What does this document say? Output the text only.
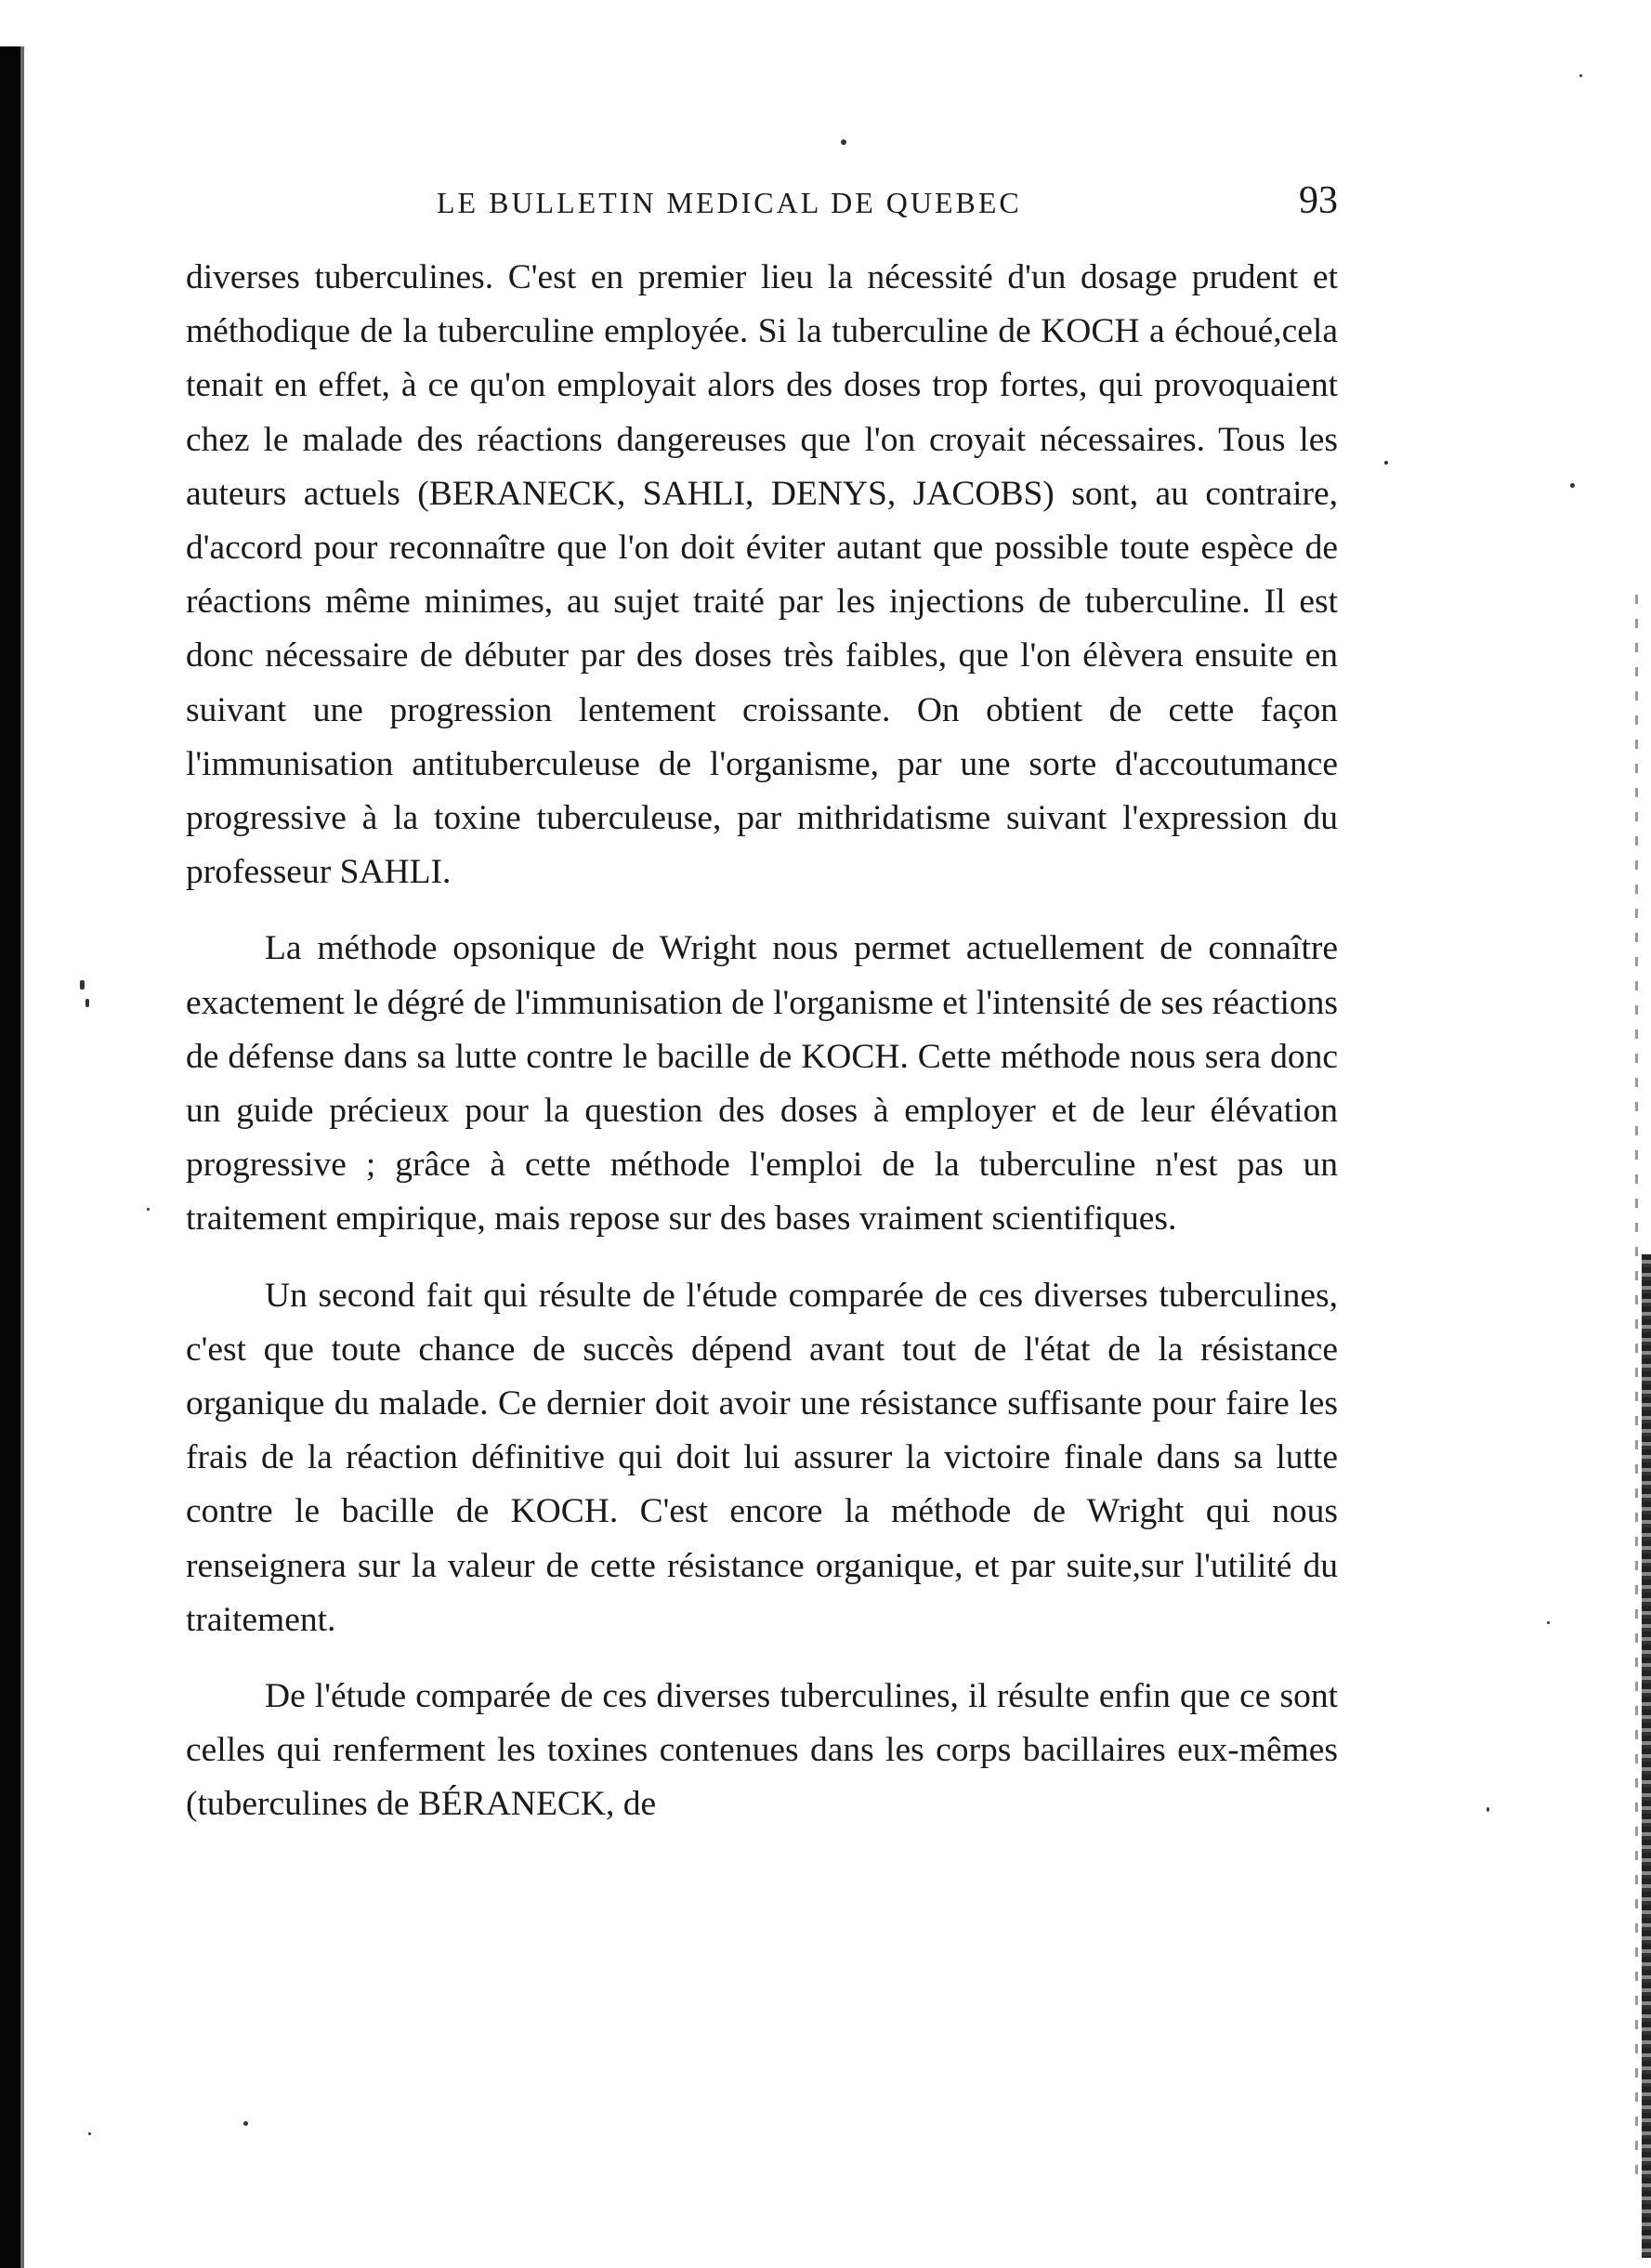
LE BULLETIN MEDICAL DE QUEBEC	93

diverses tuberculines. C'est en premier lieu la nécessité d'un dosage prudent et méthodique de la tuberculine employée. Si la tuberculine de KOCH a échoué,cela tenait en effet, à ce qu'on employait alors des doses trop fortes, qui provoquaient chez le malade des réactions dangereuses que l'on croyait nécessaires. Tous les auteurs actuels (BERANECK, SAHLI, DENYS, JACOBS) sont, au contraire, d'accord pour reconnaître que l'on doit éviter autant que possible toute espèce de réactions même minimes, au sujet traité par les injections de tuberculine. Il est donc nécessaire de débuter par des doses très faibles, que l'on élèvera ensuite en suivant une progression lentement croissante. On obtient de cette façon l'immunisation antituberculeuse de l'organisme, par une sorte d'accoutumance progressive à la toxine tuberculeuse, par mithridatisme suivant l'expression du professeur SAHLI.

La méthode opsonique de Wright nous permet actuellement de connaître exactement le dégré de l'immunisation de l'organisme et l'intensité de ses réactions de défense dans sa lutte contre le bacille de KOCH. Cette méthode nous sera donc un guide précieux pour la question des doses à employer et de leur élévation progressive ; grâce à cette méthode l'emploi de la tuberculine n'est pas un traitement empirique, mais repose sur des bases vraiment scientifiques.

Un second fait qui résulte de l'étude comparée de ces diverses tuberculines, c'est que toute chance de succès dépend avant tout de l'état de la résistance organique du malade. Ce dernier doit avoir une résistance suffisante pour faire les frais de la réaction définitive qui doit lui assurer la victoire finale dans sa lutte contre le bacille de KOCH. C'est encore la méthode de Wright qui nous renseignera sur la valeur de cette résistance organique, et par suite,sur l'utilité du traitement.

De l'étude comparée de ces diverses tuberculines, il résulte enfin que ce sont celles qui renferment les toxines contenues dans les corps bacillaires eux-mêmes (tuberculines de BÉRANECK, de
